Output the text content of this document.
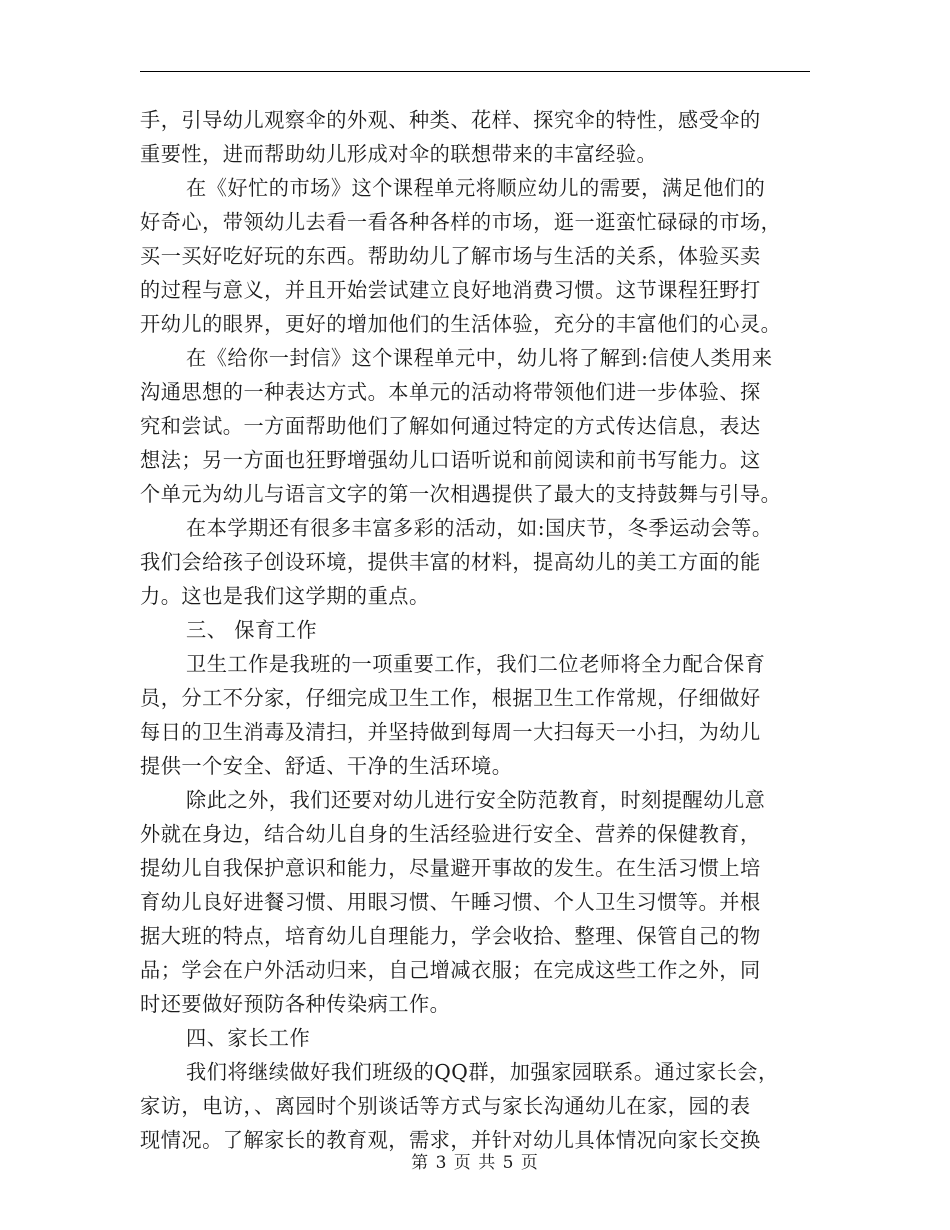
手，引导幼儿观察伞的外观、种类、花样、探究伞的特性，感受伞的
重要性，进而帮助幼儿形成对伞的联想带来的丰富经验。
在《好忙的市场》这个课程单元将顺应幼儿的需要，满足他们的
好奇心，带领幼儿去看一看各种各样的市场，逛一逛蛮忙碌碌的市场，
买一买好吃好玩的东西。帮助幼儿了解市场与生活的关系，体验买卖
的过程与意义，并且开始尝试建立良好地消费习惯。这节课程狂野打
开幼儿的眼界，更好的增加他们的生活体验，充分的丰富他们的心灵。
在《给你一封信》这个课程单元中，幼儿将了解到:信使人类用来
沟通思想的一种表达方式。本单元的活动将带领他们进一步体验、探
究和尝试。一方面帮助他们了解如何通过特定的方式传达信息，表达
想法；另一方面也狂野增强幼儿口语听说和前阅读和前书写能力。这
个单元为幼儿与语言文字的第一次相遇提供了最大的支持鼓舞与引导。
在本学期还有很多丰富多彩的活动，如:国庆节，冬季运动会等。
我们会给孩子创设环境，提供丰富的材料，提高幼儿的美工方面的能
力。这也是我们这学期的重点。
三、 保育工作
卫生工作是我班的一项重要工作，我们二位老师将全力配合保育
员，分工不分家，仔细完成卫生工作，根据卫生工作常规，仔细做好
每日的卫生消毒及清扫，并坚持做到每周一大扫每天一小扫，为幼儿
提供一个安全、舒适、干净的生活环境。
除此之外，我们还要对幼儿进行安全防范教育，时刻提醒幼儿意
外就在身边，结合幼儿自身的生活经验进行安全、营养的保健教育，
提幼儿自我保护意识和能力，尽量避开事故的发生。在生活习惯上培
育幼儿良好进餐习惯、用眼习惯、午睡习惯、个人卫生习惯等。并根
据大班的特点，培育幼儿自理能力，学会收拾、整理、保管自己的物
品；学会在户外活动归来，自己增减衣服；在完成这些工作之外，同
时还要做好预防各种传染病工作。
四、家长工作
我们将继续做好我们班级的QQ群，加强家园联系。通过家长会，
家访，电访，、离园时个别谈话等方式与家长沟通幼儿在家，园的表
现情况。了解家长的教育观，需求，并针对幼儿具体情况向家长交换
第 3 页 共 5 页
